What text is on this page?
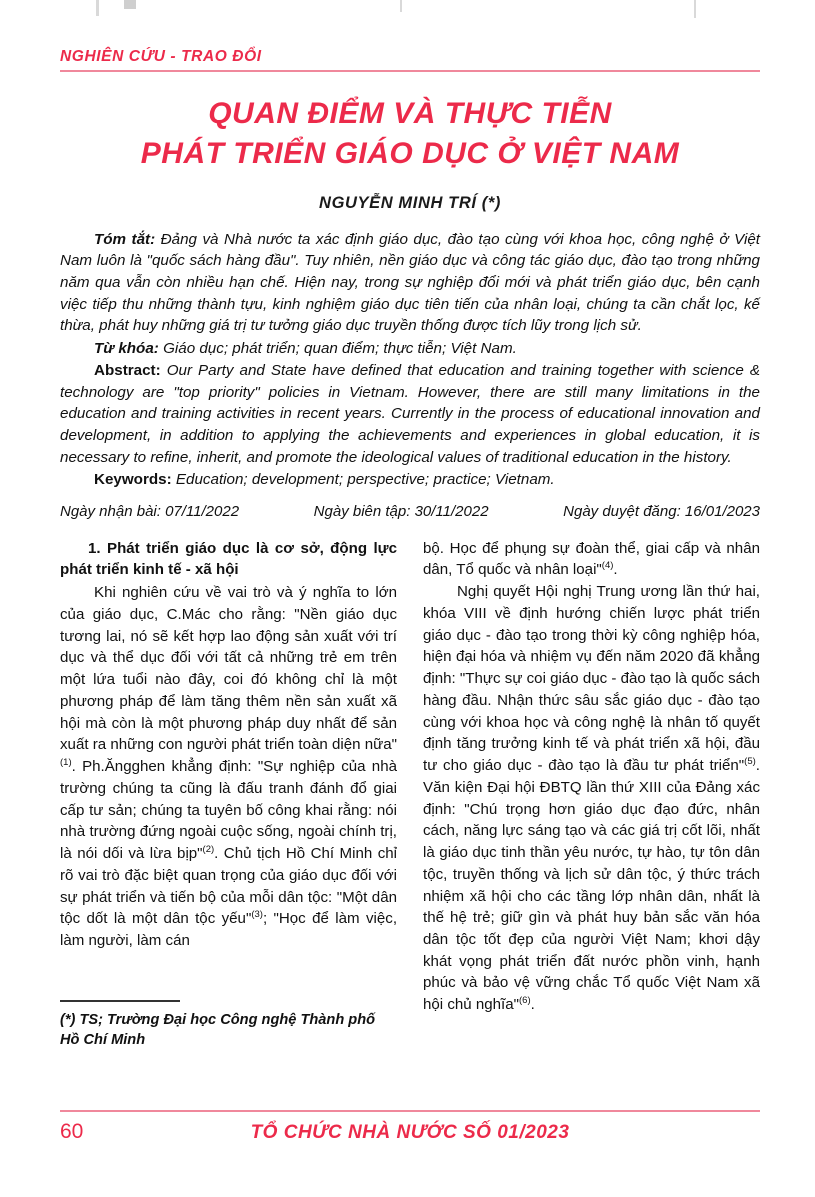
NGHIÊN CỨU - TRAO ĐỔI
QUAN ĐIỂM VÀ THỰC TIỄN
PHÁT TRIỂN GIÁO DỤC Ở VIỆT NAM
NGUYỄN MINH TRÍ (*)

Tóm tắt: Đảng và Nhà nước ta xác định giáo dục, đào tạo cùng với khoa học, công nghệ ở Việt Nam luôn là "quốc sách hàng đầu". Tuy nhiên, nền giáo dục và công tác giáo dục, đào tạo trong những năm qua vẫn còn nhiều hạn chế. Hiện nay, trong sự nghiệp đổi mới và phát triển giáo dục, bên cạnh việc tiếp thu những thành tựu, kinh nghiệm giáo dục tiên tiến của nhân loại, chúng ta cần chắt lọc, kế thừa, phát huy những giá trị tư tưởng giáo dục truyền thống được tích lũy trong lịch sử.

Từ khóa: Giáo dục; phát triển; quan điểm; thực tiễn; Việt Nam.

Abstract: Our Party and State have defined that education and training together with science & technology are "top priority" policies in Vietnam. However, there are still many limitations in the education and training activities in recent years. Currently in the process of educational innovation and development, in addition to applying the achievements and experiences in global education, it is necessary to refine, inherit, and promote the ideological values of traditional education in the history.

Keywords: Education; development; perspective; practice; Vietnam.

Ngày nhận bài: 07/11/2022	Ngày biên tập: 30/11/2022	Ngày duyệt đăng: 16/01/2023

1. Phát triển giáo dục là cơ sở, động lực phát triển kinh tế - xã hội

Khi nghiên cứu về vai trò và ý nghĩa to lớn của giáo dục, C.Mác cho rằng: "Nền giáo dục tương lai, nó sẽ kết hợp lao động sản xuất với trí dục và thể dục đối với tất cả những trẻ em trên một lứa tuổi nào đây, coi đó không chỉ là một phương pháp để làm tăng thêm nền sản xuất xã hội mà còn là một phương pháp duy nhất để sản xuất ra những con người phát triển toàn diện nữa"$^{(1)}$. Ph.Ăngghen khẳng định: "Sự nghiệp của nhà trường chúng ta cũng là đấu tranh đánh đổ giai cấp tư sản; chúng ta tuyên bố công khai rằng: nói nhà trường đứng ngoài cuộc sống, ngoài chính trị, là nói dối và lừa bịp"$^{(2)}$. Chủ tịch Hồ Chí Minh chỉ rõ vai trò đặc biệt quan trọng của giáo dục đối với sự phát triển và tiến bộ của mỗi dân tộc: "Một dân tộc dốt là một dân tộc yếu"$^{(3)}$; "Học để làm việc, làm người, làm cán

bộ. Học để phụng sự đoàn thể, giai cấp và nhân dân, Tổ quốc và nhân loại"$^{(4)}$.

Nghị quyết Hội nghị Trung ương lần thứ hai, khóa VIII về định hướng chiến lược phát triển giáo dục - đào tạo trong thời kỳ công nghiệp hóa, hiện đại hóa và nhiệm vụ đến năm 2020 đã khẳng định: "Thực sự coi giáo dục - đào tạo là quốc sách hàng đầu. Nhận thức sâu sắc giáo dục - đào tạo cùng với khoa học và công nghệ là nhân tố quyết định tăng trưởng kinh tế và phát triển xã hội, đầu tư cho giáo dục - đào tạo là đầu tư phát triển"$^{(5)}$. Văn kiện Đại hội ĐBTQ lần thứ XIII của Đảng xác định: "Chú trọng hơn giáo dục đạo đức, nhân cách, năng lực sáng tạo và các giá trị cốt lõi, nhất là giáo dục tinh thần yêu nước, tự hào, tự tôn dân tộc, truyền thống và lịch sử dân tộc, ý thức trách nhiệm xã hội cho các tầng lớp nhân dân, nhất là thế hệ trẻ; giữ gìn và phát huy bản sắc văn hóa dân tộc tốt đẹp của người Việt Nam; khơi dậy khát vọng phát triển đất nước phồn vinh, hạnh phúc và bảo vệ vững chắc Tổ quốc Việt Nam xã hội chủ nghĩa"$^{(6)}$.

(*) TS; Trường Đại học Công nghệ Thành phố Hồ Chí Minh
60	TỔ CHỨC NHÀ NƯỚC SỐ 01/2023
